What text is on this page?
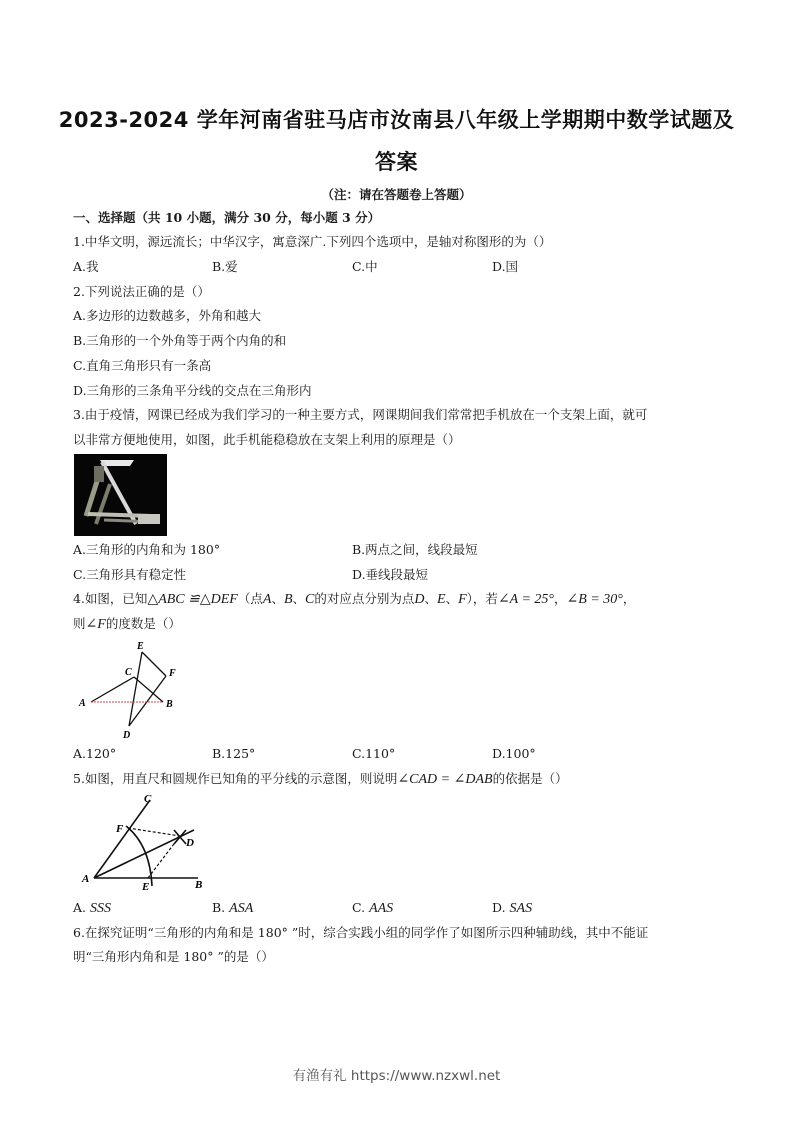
2023-2024 学年河南省驻马店市汝南县八年级上学期期中数学试题及
答案
（注：请在答题卷上答题）
一、选择题（共 10 小题，满分 30 分，每小题 3 分）
1.中华文明，源远流长；中华汉字，寓意深广.下列四个选项中，是轴对称图形的为（）
A.我	B.爱	C.中	D.国
2.下列说法正确的是（）
A.多边形的边数越多，外角和越大
B.三角形的一个外角等于两个内角的和
C.直角三角形只有一条高
D.三角形的三条角平分线的交点在三角形内
3.由于疫情，网课已经成为我们学习的一种主要方式，网课期间我们常常把手机放在一个支架上面，就可
以非常方便地使用，如图，此手机能稳稳放在支架上利用的原理是（）
A.三角形的内角和为 180°	B.两点之间，线段最短
C.三角形具有稳定性	D.垂线段最短
4.如图，已知△ABC ≌△DEF（点A、B、C的对应点分别为点D、E、F），若∠A = 25°，∠B = 30°，
则∠F的度数是（）
E
C	F
A	B
D
A.120°	B.125°	C.110°	D.100°
5.如图，用直尺和圆规作已知角的平分线的示意图，则说明∠CAD = ∠DAB的依据是（）
C
F
D
A
E	B
A. SSS	B. ASA	C. AAS	D. SAS
6.在探究证明“三角形的内角和是 180° ”时，综合实践小组的同学作了如图所示四种辅助线，其中不能证
明“三角形内角和是 180° ”的是（）
有渔有礼 https://www.nzxwl.net
